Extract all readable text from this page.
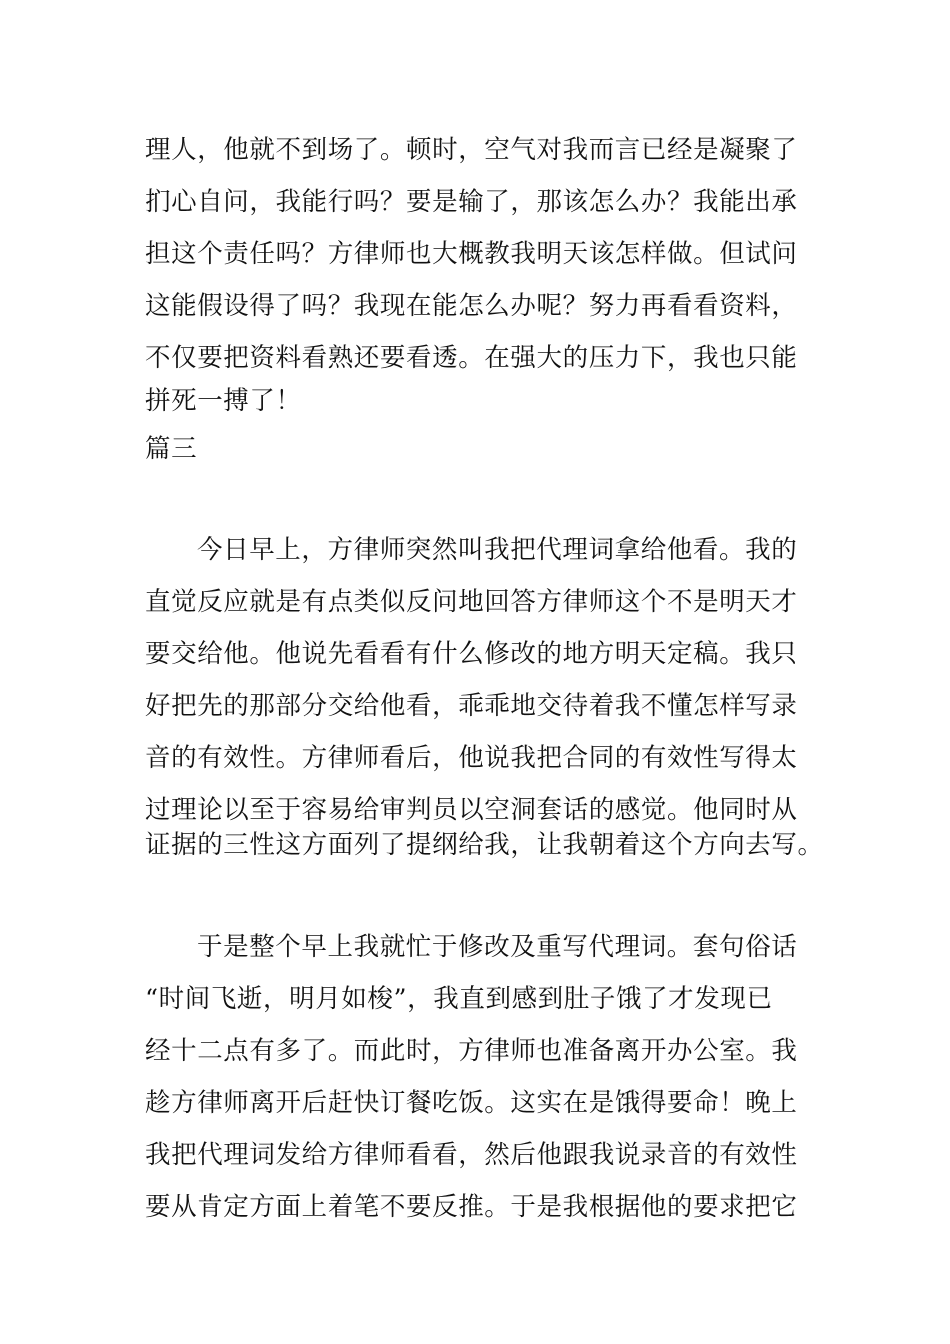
理人，他就不到场了。顿时，空气对我而言已经是凝聚了
扪心自问，我能行吗？要是输了，那该怎么办？我能出承
担这个责任吗？方律师也大概教我明天该怎样做。但试问
这能假设得了吗？我现在能怎么办呢？努力再看看资料，
不仅要把资料看熟还要看透。在强大的压力下，我也只能
拼死一搏了！
篇三
今日早上，方律师突然叫我把代理词拿给他看。我的
直觉反应就是有点类似反问地回答方律师这个不是明天才
要交给他。他说先看看有什么修改的地方明天定稿。我只
好把先的那部分交给他看，乖乖地交待着我不懂怎样写录
音的有效性。方律师看后，他说我把合同的有效性写得太
过理论以至于容易给审判员以空洞套话的感觉。他同时从
证据的三性这方面列了提纲给我，让我朝着这个方向去写。
于是整个早上我就忙于修改及重写代理词。套句俗话
“时间飞逝，明月如梭”，我直到感到肚子饿了才发现已
经十二点有多了。而此时，方律师也准备离开办公室。我
趁方律师离开后赶快订餐吃饭。这实在是饿得要命！晚上
我把代理词发给方律师看看，然后他跟我说录音的有效性
要从肯定方面上着笔不要反推。于是我根据他的要求把它
